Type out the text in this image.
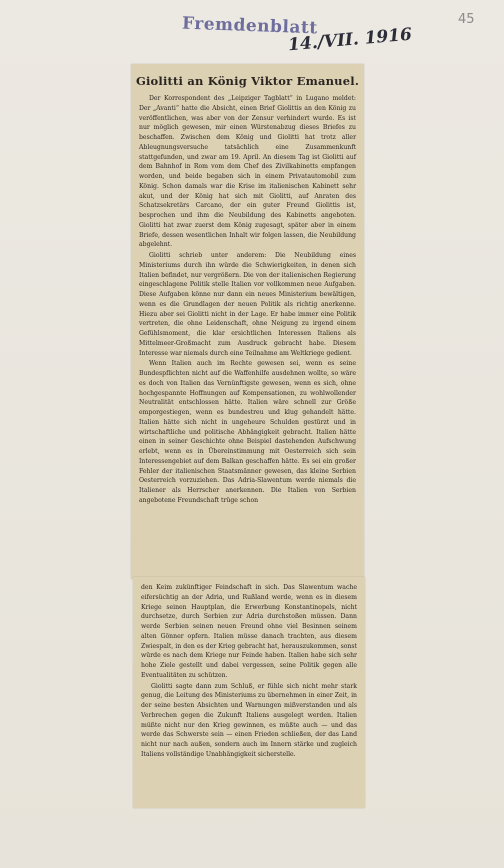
Fremdenblatt
14./VII. 1916
45
Giolitti an König Viktor Emanuel.

Der Korrespondent des „Leipziger Tagblatt“ in Lugano meldet: Der „Avanti“ hatte die Absicht, einen Brief Giolittis an den König zu veröffentlichen, was aber von der Zensur verhindert wurde. Es ist nur möglich gewesen, mir einen Würstenabzug dieses Briefes zu beschaffen. Zwischen dem König und Giolitti hat trotz aller Ableugnungsversuche tatsächlich eine Zusammenkunft stattgefunden, und zwar am 19. April. An diesem Tag ist Giolitti auf dem Bahnhof in Rom vom dem Chef des Zivilkabinetts empfangen worden, und beide begaben sich in einem Privatautomobil zum König. Schon damals war die Krise im italienischen Kabinett sehr akut, und der König hat sich mit Giolitti, auf Anraten des Schatzsekretärs Carcano, der ein guter Freund Giolittis ist, besprochen und ihm die Neubildung des Kabinetts angeboten. Giolitti hat zwar zuerst dem König zugesagt, später aber in einem Briefe, dessen wesentlichen Inhalt wir folgen lassen, die Neubildung abgelehnt.

Giolitti schrieb unter anderem: Die Neubildung eines Ministeriums durch ihn würde die Schwierigkeiten, in denen sich Italien befindet, nur vergrößern. Die von der italienischen Regierung eingeschlagene Politik stelle Italien vor vollkommen neue Aufgaben. Diese Aufgaben könne nur dann ein neues Ministerium bewältigen, wenn es die Grundlagen der neuen Politik als richtig anerkenne. Hiezu aber sei Giolitti nicht in der Lage. Er habe immer eine Politik vertreten, die ohne Leidenschaft, ohne Neigung zu irgend einem Gefühlsmoment, die klar ersichtlichen Interessen Italiens als Mittelmeer-Großmacht zum Ausdruck gebracht habe. Diesem Interesse war niemals durch eine Teilnahme am Weltkriege gedient.

Wenn Italien auch im Rechte gewesen sei, wenn es seine Bundespflichten nicht auf die Waffenhilfe ausdehnen wollte, so wäre es doch von Italien das Vernünftigste gewesen, wenn es sich, ohne hochgespannte Hoffnungen auf Kompensationen, zu wohlwollender Neutralität entschlossen hätte. Italien wäre schnell zur Größe emporgestiegen, wenn es bundestreu und klug gehandelt hätte. Italien hätte sich nicht in ungeheure Schulden gestürzt und in wirtschaftliche und politische Abhängigkeit gebracht. Italien hätte einen in seiner Geschichte ohne Beispiel dastehenden Aufschwung erlebt, wenn es in Übereinstimmung mit Oesterreich sich sein Interessengebiet auf dem Balkan geschaffen hätte. Es sei ein großer Fehler der italienischen Staatsmänner gewesen, das kleine Serbien Oesterreich vorzuziehen. Das Adria-Slawentum werde niemals die Italiener als Herrscher anerkennen. Die Italien von Serbien angebotene Freundschaft trüge schon

den Keim zukünftiger Feindschaft in sich. Das Slawentum wache eifersüchtig an der Adria, und Rußland werde, wenn es in diesem Kriege seinen Hauptplan, die Erwerbung Konstantinopels, nicht durchsetze, durch Serbien zur Adria durchstoßen müssen. Dann werde Serbien seinen neuen Freund ohne viel Besinnen seinem alten Gönner opfern. Italien müsse danach trachten, aus diesem Zwiespalt, in den es der Krieg gebracht hat, herauszukommen, sonst würde es nach dem Kriege nur Feinde haben. Italien habe sich sehr hohe Ziele gestellt und dabei vergessen, seine Politik gegen alle Eventualitäten zu schützen.

Giolitti sagte dann zum Schluß, er fühle sich nicht mehr stark genug, die Leitung des Ministeriums zu übernehmen in einer Zeit, in der seine besten Absichten und Warnungen mißverstanden und als Verbrechen gegen die Zukunft Italiens ausgelegt werden. Italien müßte nicht nur den Krieg gewinnen, es müßte auch — und das werde das Schwerste sein — einen Frieden schließen, der das Land nicht nur nach außen, sondern auch im Innern stärke und zugleich Italiens vollständige Unabhängigkeit sicherstelle.
